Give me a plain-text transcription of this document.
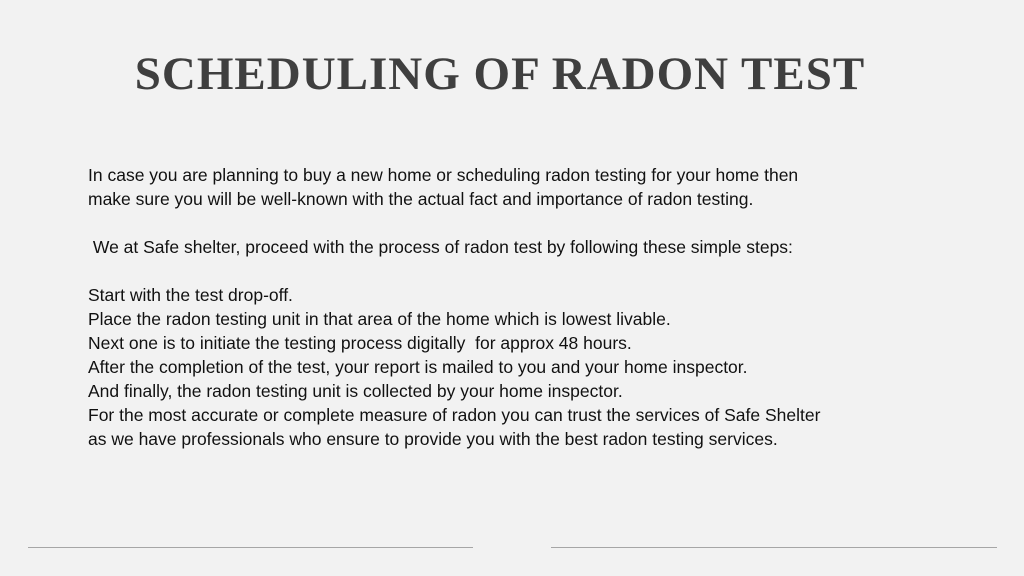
SCHEDULING OF RADON TEST

In case you are planning to buy a new home or scheduling radon testing for your home then

make sure you will be well-known with the actual fact and importance of radon testing.

We at Safe shelter, proceed with the process of radon test by following these simple steps:

Start with the test drop-off.

Place the radon testing unit in that area of the home which is lowest livable.

Next one is to initiate the testing process digitally  for approx 48 hours.

After the completion of the test, your report is mailed to you and your home inspector.

And finally, the radon testing unit is collected by your home inspector.

For the most accurate or complete measure of radon you can trust the services of Safe Shelter

as we have professionals who ensure to provide you with the best radon testing services.
